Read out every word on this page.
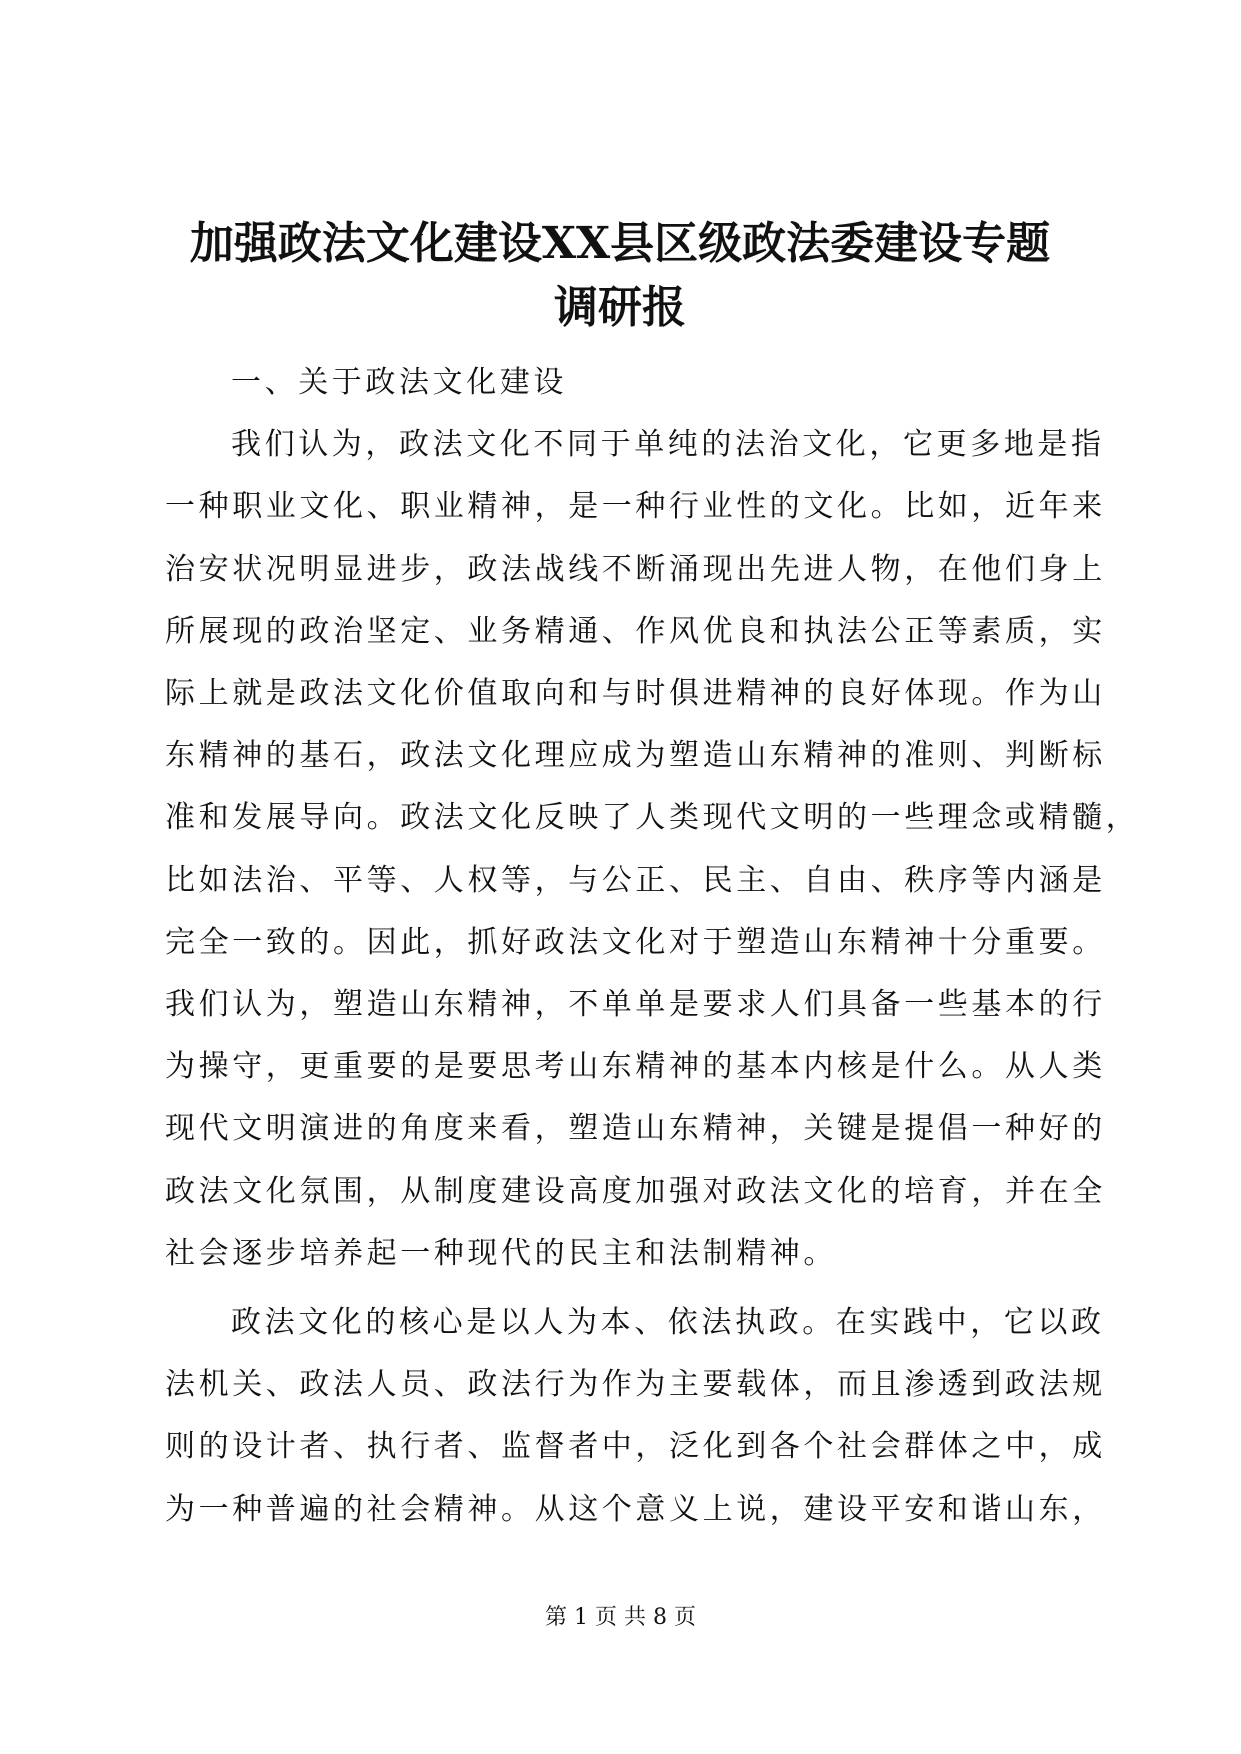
加强政法文化建设XX县区级政法委建设专题
调研报
一、关于政法文化建设

我们认为，政法文化不同于单纯的法治文化，它更多地是指
一种职业文化、职业精神，是一种行业性的文化。比如，近年来
治安状况明显进步，政法战线不断涌现出先进人物，在他们身上
所展现的政治坚定、业务精通、作风优良和执法公正等素质，实
际上就是政法文化价值取向和与时俱进精神的良好体现。作为山
东精神的基石，政法文化理应成为塑造山东精神的准则、判断标
准和发展导向。政法文化反映了人类现代文明的一些理念或精髓，
比如法治、平等、人权等，与公正、民主、自由、秩序等内涵是
完全一致的。因此，抓好政法文化对于塑造山东精神十分重要。
我们认为，塑造山东精神，不单单是要求人们具备一些基本的行
为操守，更重要的是要思考山东精神的基本内核是什么。从人类
现代文明演进的角度来看，塑造山东精神，关键是提倡一种好的
政法文化氛围，从制度建设高度加强对政法文化的培育，并在全
社会逐步培养起一种现代的民主和法制精神。

政法文化的核心是以人为本、依法执政。在实践中，它以政
法机关、政法人员、政法行为作为主要载体，而且渗透到政法规
则的设计者、执行者、监督者中，泛化到各个社会群体之中，成
为一种普遍的社会精神。从这个意义上说，建设平安和谐山东，

第 1 页 共 8 页
